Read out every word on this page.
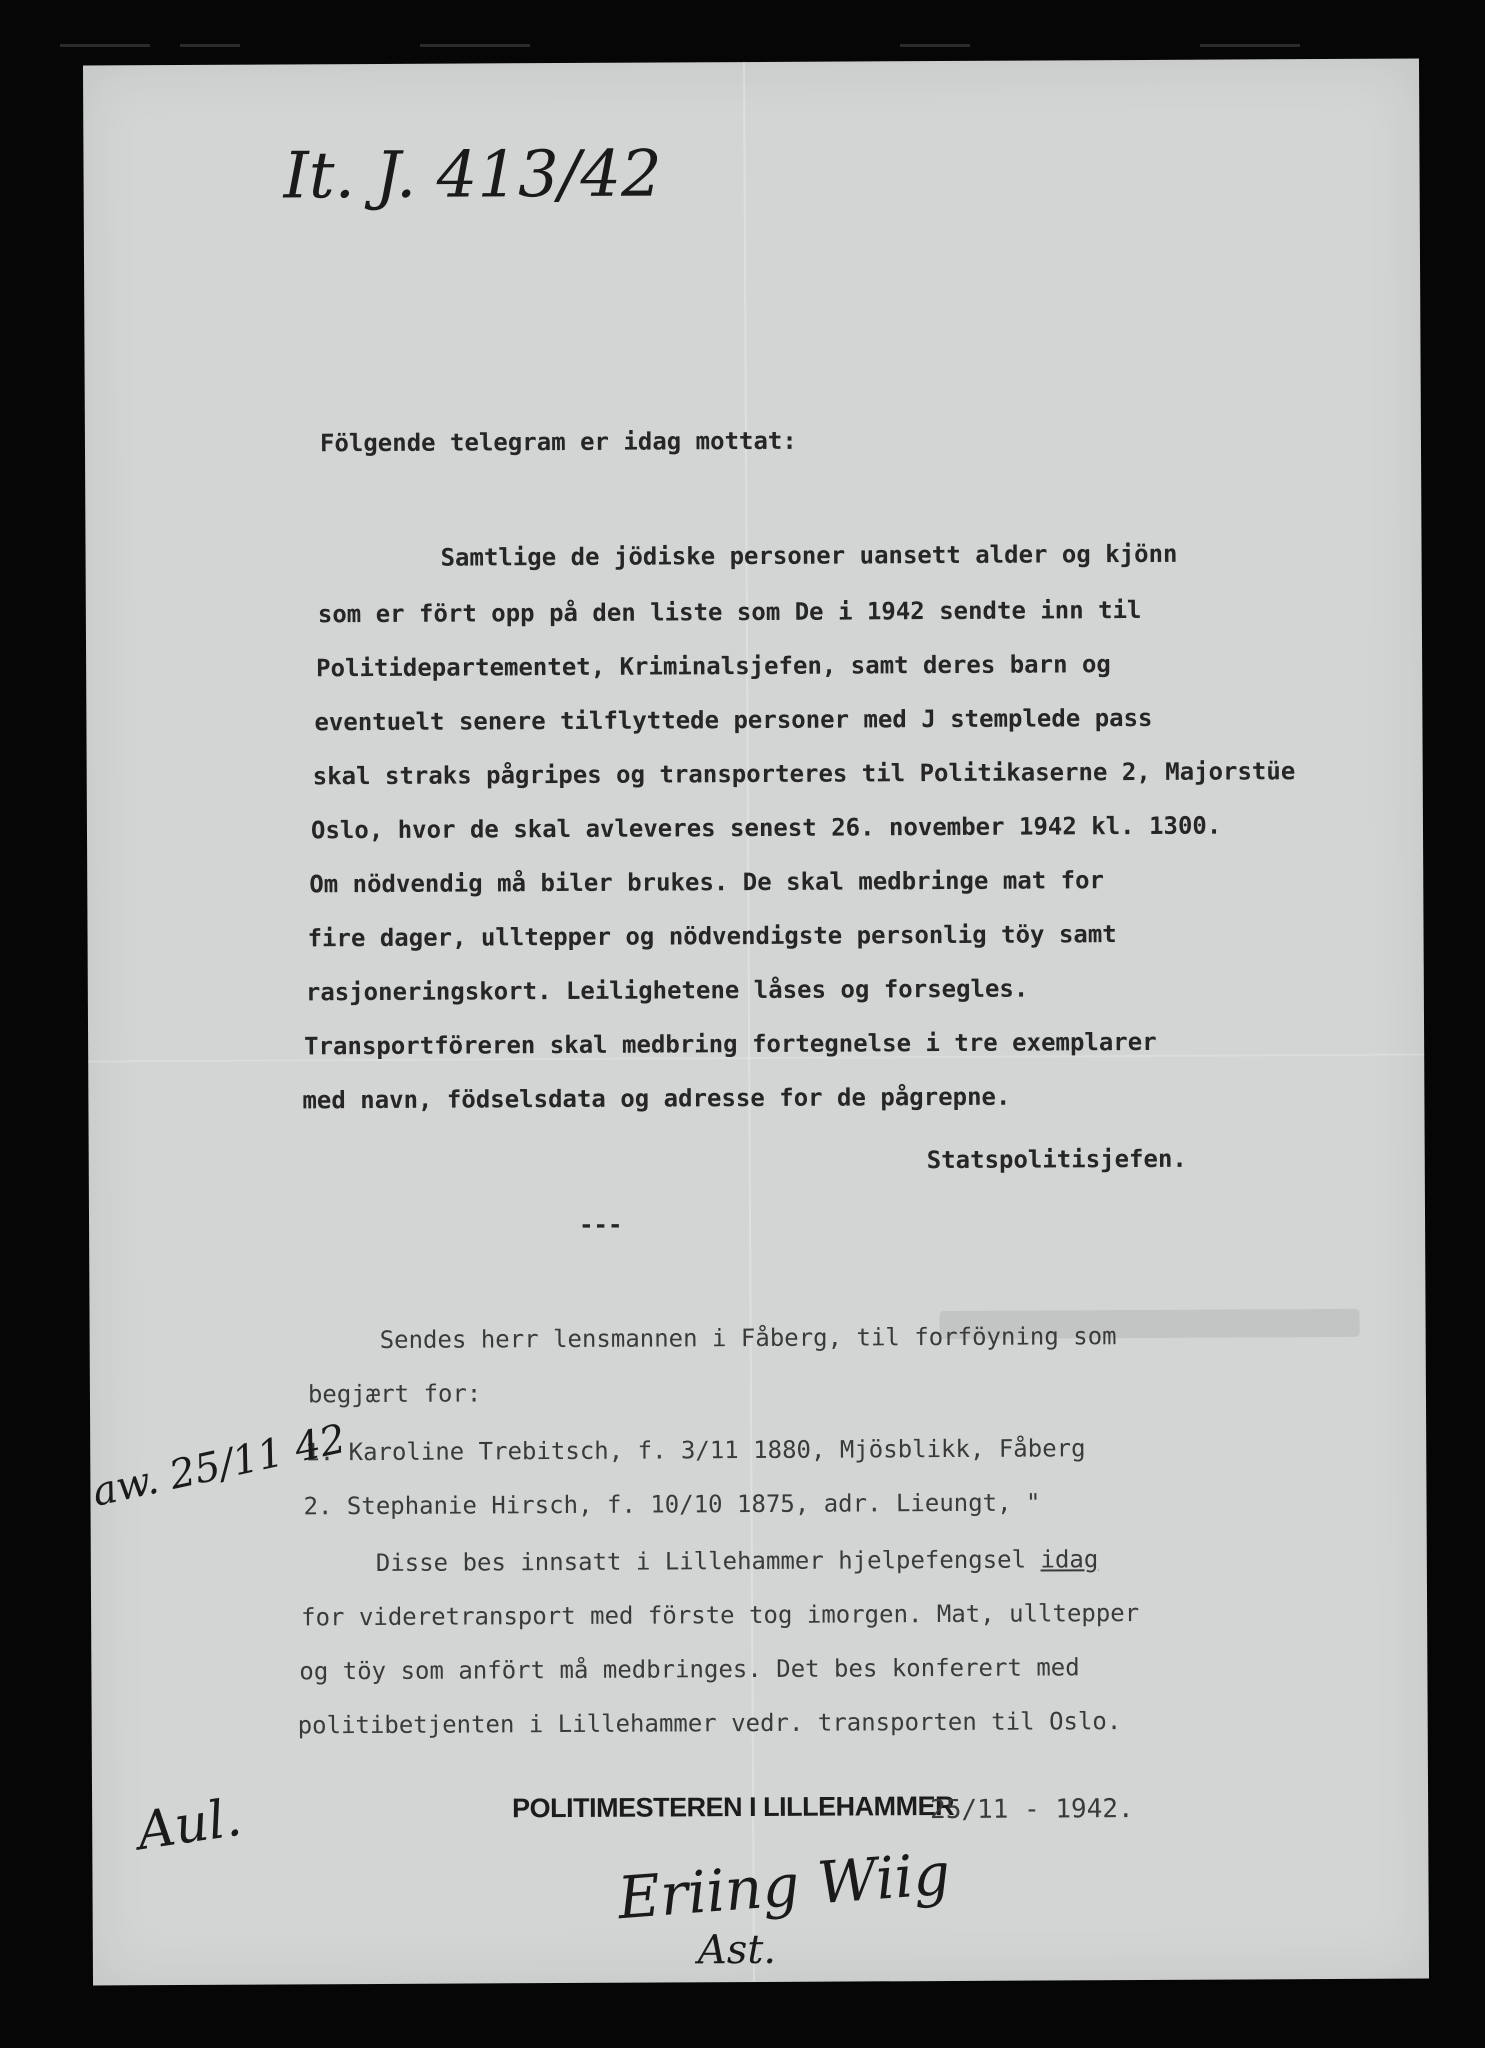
It. J. 413/42
Fölgende telegram er idag mottat:
Samtlige de jödiske personer uansett alder og kjönn
som er fört opp på den liste som De i 1942 sendte inn til
Politidepartementet, Kriminalsjefen, samt deres barn og
eventuelt senere tilflyttede personer med J stemplede pass
skal straks pågripes og transporteres til Politikaserne 2, Majorstüe
Oslo, hvor de skal avleveres senest 26. november 1942 kl. 1300.
Om nödvendig må biler brukes. De skal medbringe mat for
fire dager, ulltepper og nödvendigste personlig töy samt
rasjoneringskort. Leilighetene låses og forsegles.
Transportföreren skal medbring fortegnelse i tre exemplarer
med navn, födselsdata og adresse for de pågrepne.
Statspolitisjefen.
---
Sendes herr lensmannen i Fåberg, til forföyning som
begjært for:
1. Karoline Trebitsch, f. 3/11 1880, Mjösblikk, Fåberg
2. Stephanie Hirsch, f. 10/10 1875, adr. Lieungt, "
Disse bes innsatt i Lillehammer hjelpefengsel idag
for videretransport med förste tog imorgen. Mat, ulltepper
og töy som anfört må medbringes. Det bes konferert med
politibetjenten i Lillehammer vedr. transporten til Oslo.
POLITIMESTEREN I LILLEHAMMER
25/11 - 1942.
aw. 25/11 42
Aul.
Eriing Wiig
Ast.
